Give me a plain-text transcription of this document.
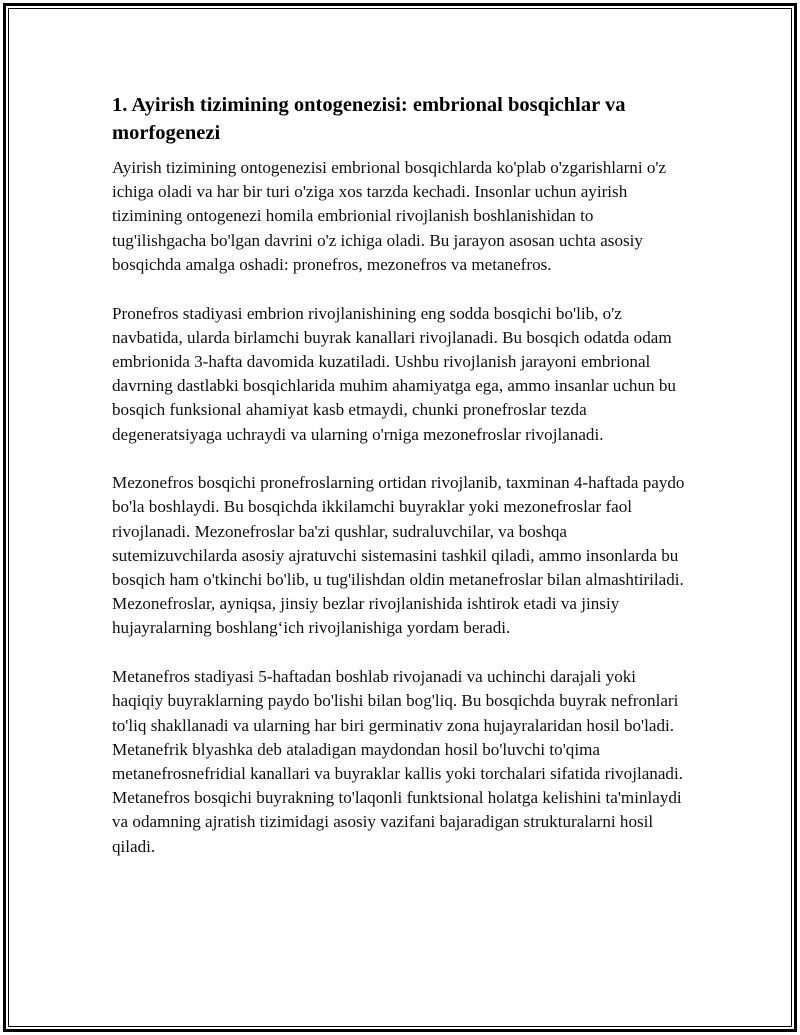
1. Ayirish tizimining ontogenezisi: embrional bosqichlar va morfogenezi

Ayirish tizimining ontogenezisi embrional bosqichlarda ko'plab o'zgarishlarni o'z ichiga oladi va har bir turi o'ziga xos tarzda kechadi. Insonlar uchun ayirish tizimining ontogenezi homila embrionial rivojlanish boshlanishidan to tug'ilishgacha bo'lgan davrini o'z ichiga oladi. Bu jarayon asosan uchta asosiy bosqichda amalga oshadi: pronefros, mezonefros va metanefros.

Pronefros stadiyasi embrion rivojlanishining eng sodda bosqichi bo'lib, o'z navbatida, ularda birlamchi buyrak kanallari rivojlanadi. Bu bosqich odatda odam embrionida 3-hafta davomida kuzatiladi. Ushbu rivojlanish jarayoni embrional davrning dastlabki bosqichlarida muhim ahamiyatga ega, ammo insanlar uchun bu bosqich funksional ahamiyat kasb etmaydi, chunki pronefroslar tezda degeneratsiyaga uchraydi va ularning o'rniga mezonefroslar rivojlanadi.

Mezonefros bosqichi pronefroslarning ortidan rivojlanib, taxminan 4-haftada paydo bo'la boshlaydi. Bu bosqichda ikkilamchi buyraklar yoki mezonefroslar faol rivojlanadi. Mezonefroslar ba'zi qushlar, sudraluvchilar, va boshqa sutemizuvchilarda asosiy ajratuvchi sistemasini tashkil qiladi, ammo insonlarda bu bosqich ham o'tkinchi bo'lib, u tug'ilishdan oldin metanefroslar bilan almashtiriladi. Mezonefroslar, ayniqsa, jinsiy bezlar rivojlanishida ishtirok etadi va jinsiy hujayralarning boshlang‘ich rivojlanishiga yordam beradi.

Metanefros stadiyasi 5-haftadan boshlab rivojanadi va uchinchi darajali yoki haqiqiy buyraklarning paydo bo'lishi bilan bog'liq. Bu bosqichda buyrak nefronlari to'liq shakllanadi va ularning har biri germinativ zona hujayralaridan hosil bo'ladi. Metanefrik blyashka deb ataladigan maydondan hosil bo'luvchi to'qima metanefrosnefridial kanallari va buyraklar kallis yoki torchalari sifatida rivojlanadi. Metanefros bosqichi buyrakning to'laqonli funktsional holatga kelishini ta'minlaydi va odamning ajratish tizimidagi asosiy vazifani bajaradigan strukturalarni hosil qiladi.
